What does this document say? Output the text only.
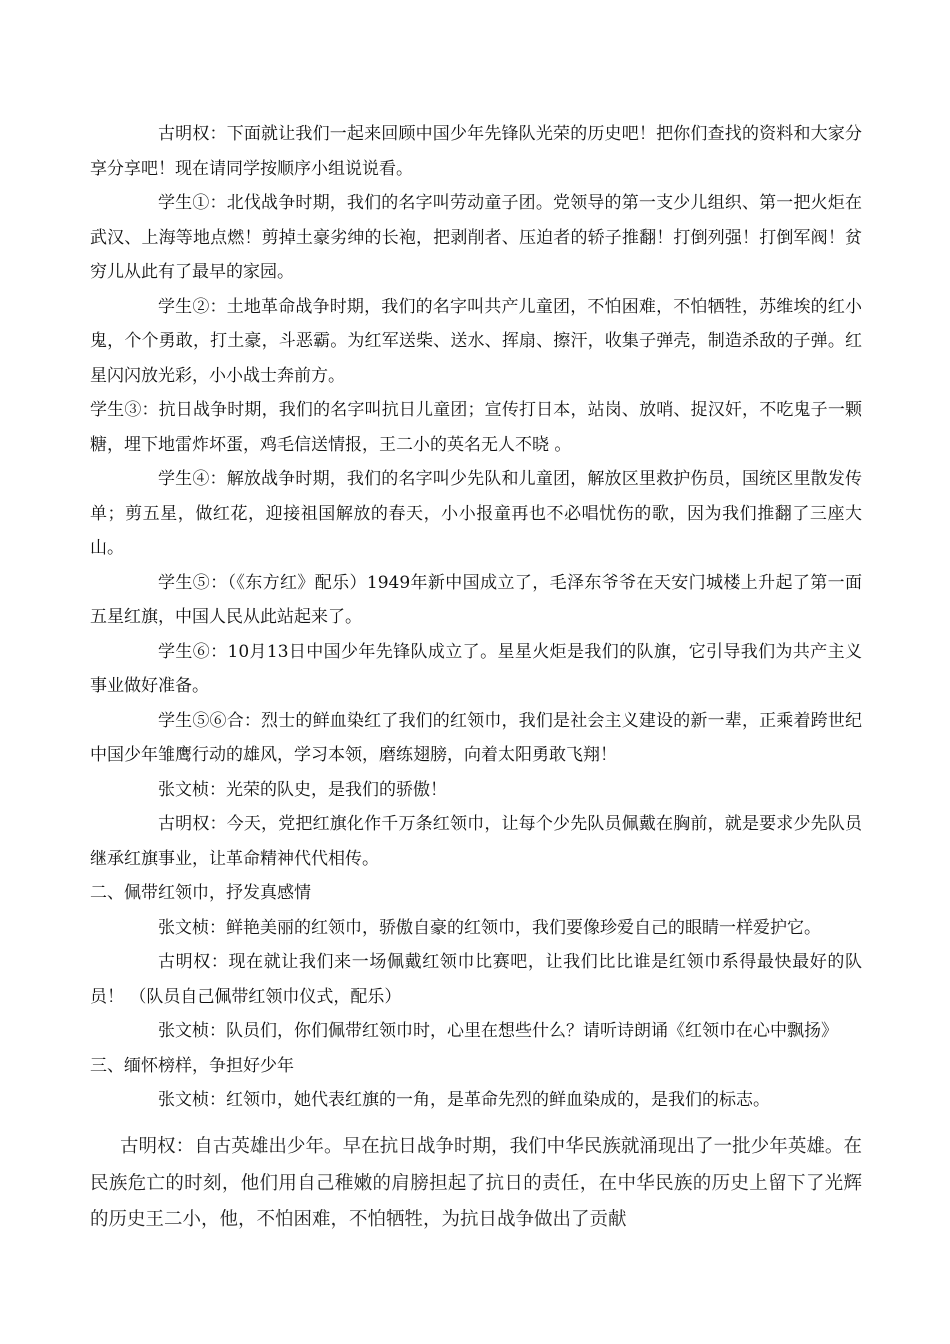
古明权：下面就让我们一起来回顾中国少年先锋队光荣的历史吧！把你们查找的资料和大家分享分享吧！现在请同学按顺序小组说说看。

学生①：北伐战争时期，我们的名字叫劳动童子团。党领导的第一支少儿组织、第一把火炬在武汉、上海等地点燃！剪掉土豪劣绅的长袍，把剥削者、压迫者的轿子推翻！打倒列强！打倒军阀！贫穷儿从此有了最早的家园。

学生②：土地革命战争时期，我们的名字叫共产儿童团，不怕困难，不怕牺牲，苏维埃的红小鬼，个个勇敢，打土豪，斗恶霸。为红军送柴、送水、挥扇、擦汗，收集子弹壳，制造杀敌的子弹。红星闪闪放光彩，小小战士奔前方。

学生③：抗日战争时期，我们的名字叫抗日儿童团；宣传打日本，站岗、放哨、捉汉奸，不吃鬼子一颗糖，埋下地雷炸坏蛋，鸡毛信送情报，王二小的英名无人不晓 。

学生④：解放战争时期，我们的名字叫少先队和儿童团，解放区里救护伤员，国统区里散发传单；剪五星，做红花，迎接祖国解放的春天，小小报童再也不必唱忧伤的歌，因为我们推翻了三座大山。

学生⑤：（《东方红》配乐）1949年新中国成立了，毛泽东爷爷在天安门城楼上升起了第一面五星红旗，中国人民从此站起来了。

学生⑥：10月13日中国少年先锋队成立了。星星火炬是我们的队旗，它引导我们为共产主义事业做好准备。

学生⑤⑥合：烈士的鲜血染红了我们的红领巾，我们是社会主义建设的新一辈，正乘着跨世纪中国少年雏鹰行动的雄风，学习本领，磨练翅膀，向着太阳勇敢飞翔！

张文桢：光荣的队史，是我们的骄傲！

古明权：今天，党把红旗化作千万条红领巾，让每个少先队员佩戴在胸前，就是要求少先队员继承红旗事业，让革命精神代代相传。

二、佩带红领巾，抒发真感情

张文桢：鲜艳美丽的红领巾，骄傲自豪的红领巾，我们要像珍爱自己的眼睛一样爱护它。

古明权：现在就让我们来一场佩戴红领巾比赛吧，让我们比比谁是红领巾系得最快最好的队员！ （队员自己佩带红领巾仪式，配乐）

张文桢：队员们，你们佩带红领巾时，心里在想些什么？请听诗朗诵《红领巾在心中飘扬》

三、缅怀榜样，争担好少年

张文桢：红领巾，她代表红旗的一角，是革命先烈的鲜血染成的，是我们的标志。

古明权：自古英雄出少年。早在抗日战争时期，我们中华民族就涌现出了一批少年英雄。在民族危亡的时刻，他们用自己稚嫩的肩膀担起了抗日的责任，在中华民族的历史上留下了光辉的历史王二小，他，不怕困难，不怕牺牲，为抗日战争做出了贡献
